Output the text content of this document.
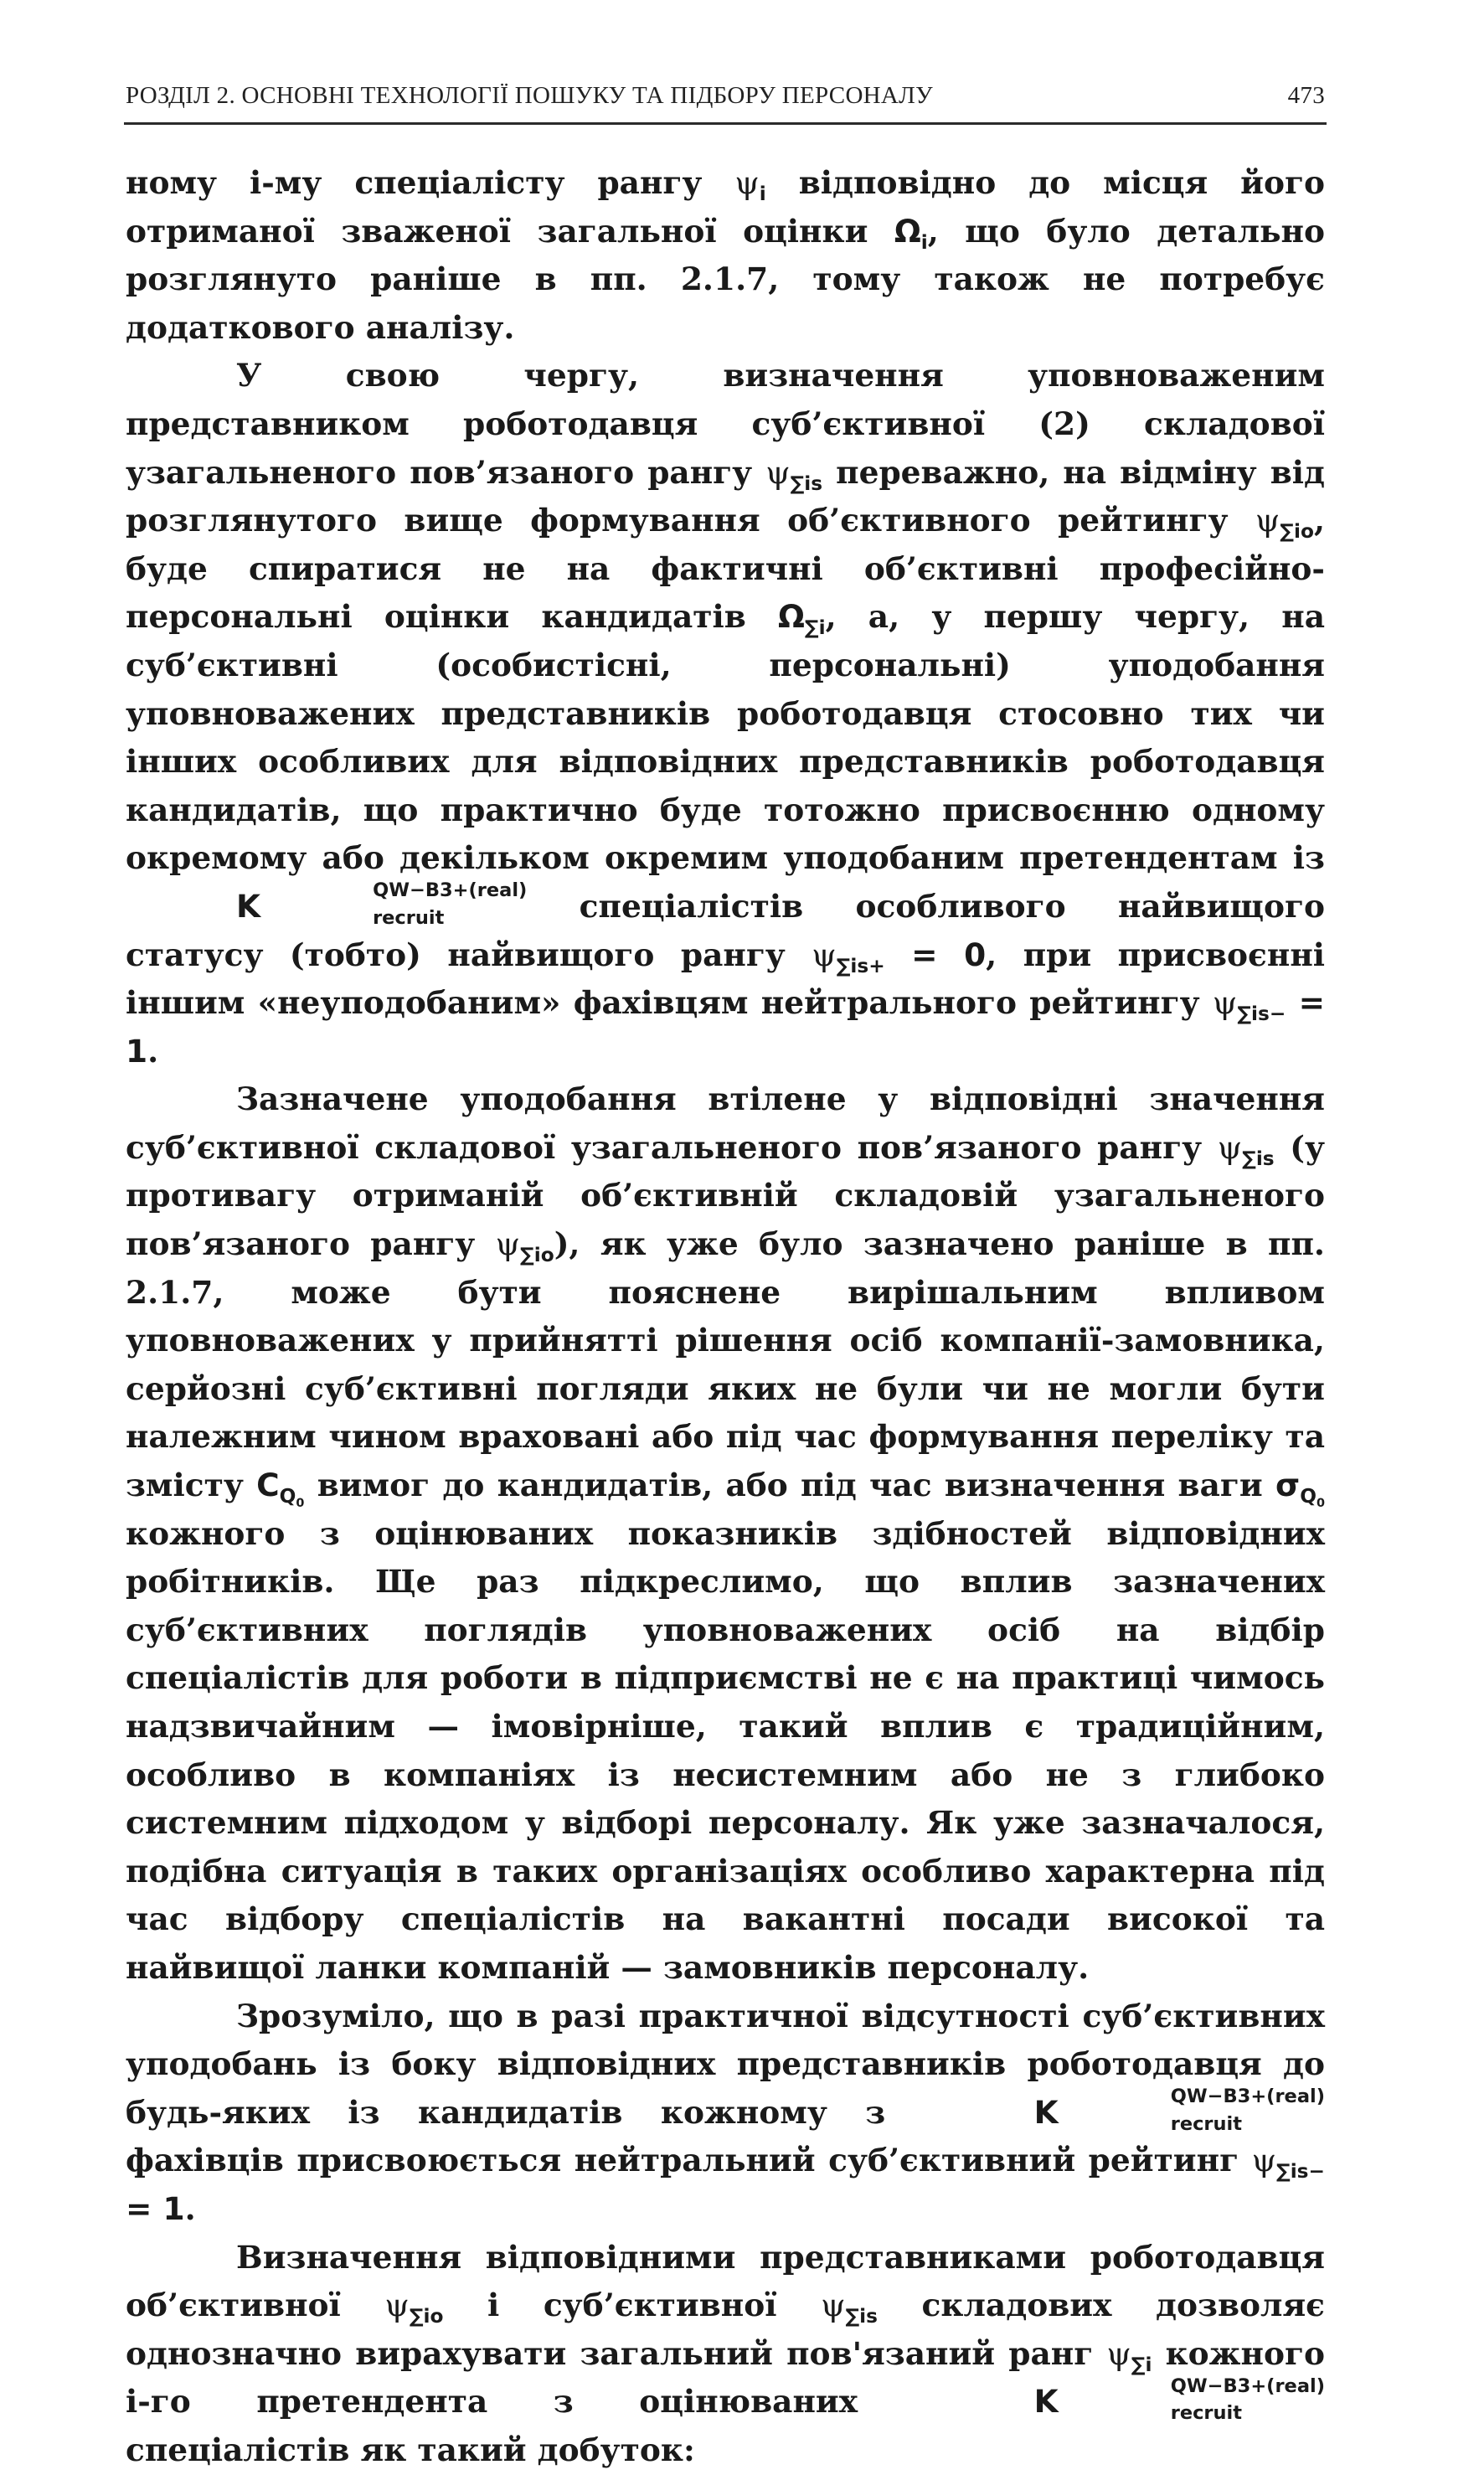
РОЗДІЛ 2. ОСНОВНІ ТЕХНОЛОГІЇ ПОШУКУ ТА ПІДБОРУ ПЕРСОНАЛУ	473

ному і-му спеціалісту рангу $\psi_i$ відповідно до місця його отриманої зваженої загальної оцінки $\Omega_i$, що було детально розглянуто раніше в пп. 2.1.7, тому також не потребує додаткового аналізу.

У свою чергу, визначення уповноваженим представником роботодавця суб’єктивної (2) складової узагальненого пов’язаного рангу $\psi_{\sum is}$ переважно, на відміну від розглянутого вище формування об’єктивного рейтингу $\psi_{\sum io}$, буде спиратися не на фактичні об’єктивні професійно-персональні оцінки кандидатів $\Omega_{\sum i}$, а, у першу чергу, на суб’єктивні (особистісні, персональні) уподобання уповноважених представників роботодавця стосовно тих чи інших особливих для відповідних представників роботодавця кандидатів, що практично буде тотожно присвоєнню одному окремому або декільком окремим уподобаним претендентам із
K	QW−B3+(real)
recruit	спеціалістів особливого найвищого статусу (тобто) найвищого рангу $\psi_{\sum is+} = 0$, при присвоєнні іншим «неуподобаним» фахівцям нейтрального рейтингу $\psi_{\sum is-} = 1$.

Зазначене уподобання втілене у відповідні значення суб’єктивної складової узагальненого пов’язаного рангу $\psi_{\sum is}$ (у противагу отриманій об’єктивній складовій узагальненого пов’язаного рангу $\psi_{\sum io}$), як уже було зазначено раніше в пп. 2.1.7, може бути пояснене вирішальним впливом уповноважених у прийнятті рішення осіб компанії-замовника, серйозні суб’єктивні погляди яких не були чи не могли бути належним чином враховані або під час формування переліку та змісту $C_{Q_0}$ вимог до кандидатів, або під час визначення ваги $\sigma_{Q_0}$ кожного з оцінюваних показників здібностей відповідних робітників. Ще раз підкреслимо, що вплив зазначених суб’єктивних поглядів уповноважених осіб на відбір спеціалістів для роботи в підприємстві не є на практиці чимось надзвичайним — імовірніше, такий вплив є традиційним, особливо в компаніях із несистемним або не з глибоко системним підходом у відборі персоналу. Як уже зазначалося, подібна ситуація в таких організаціях особливо характерна під час відбору спеціалістів на вакантні посади високої та найвищої ланки компаній — замовників персоналу.

Зрозуміло, що в разі практичної відсутності суб’єктивних уподобань із боку відповідних представників роботодавця до будь-яких із кандидатів кожному з	K	QW−B3+(real)
recruit
фахівців присвоюється нейтральний суб’єктивний рейтинг $\psi_{\sum is-} = 1$.

Визначення відповідними представниками роботодавця об’єктивної $\psi_{\sum io}$ і суб’єктивної $\psi_{\sum is}$ складових дозволяє однозначно вирахувати загальний пов'язаний ранг $\psi_{\sum i}$ кожного і-го претендента з оцінюваних	K	QW−B3+(real)
recruit
спеціалістів як такий добуток:
